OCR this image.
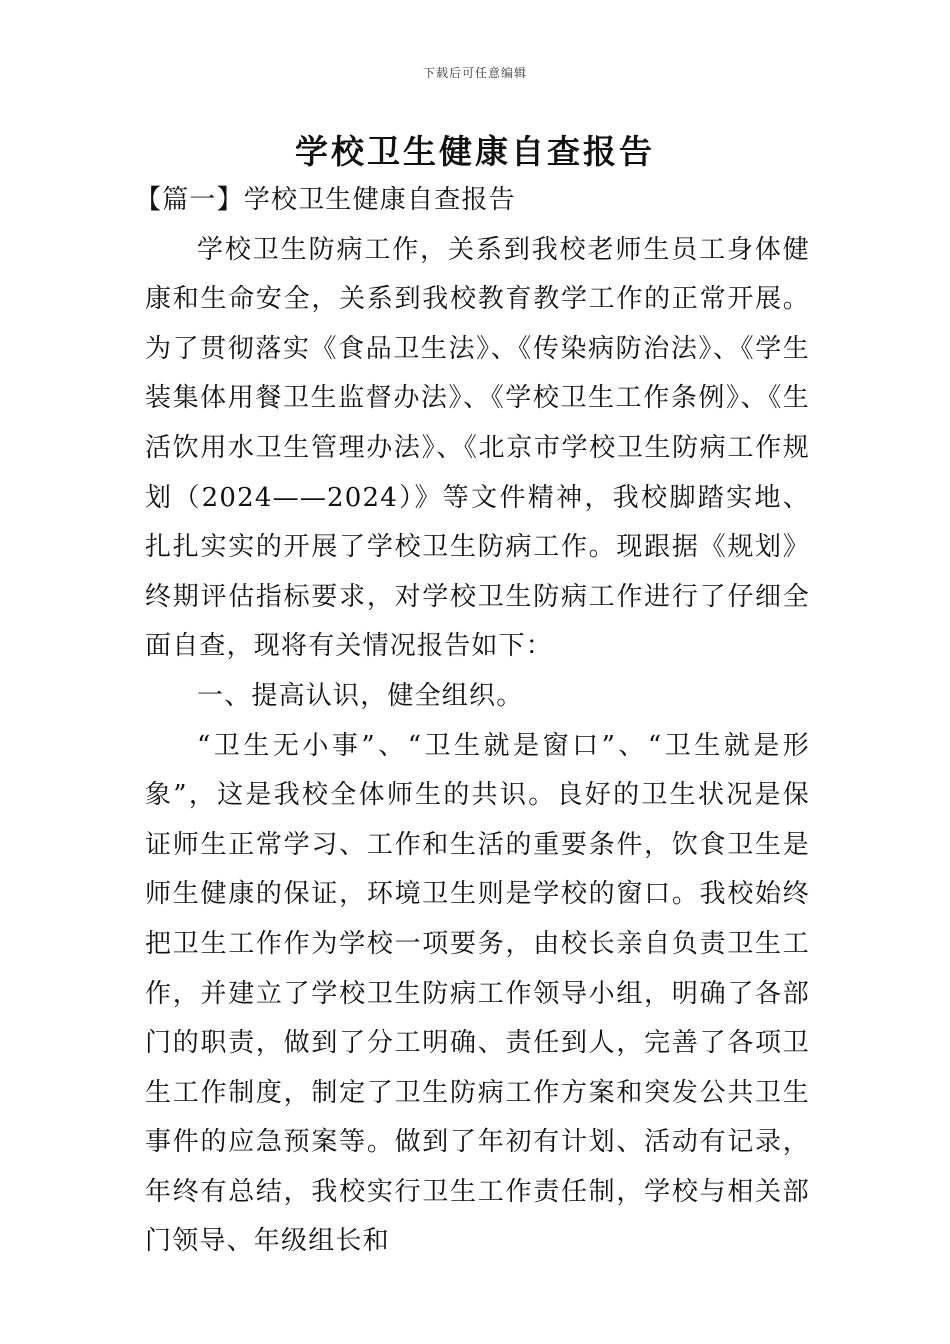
下载后可任意编辑
学校卫生健康自查报告

【篇一】学校卫生健康自查报告

学校卫生防病工作，关系到我校老师生员工身体健康和生命安全，关系到我校教育教学工作的正常开展。为了贯彻落实《食品卫生法》、《传染病防治法》、《学生装集体用餐卫生监督办法》、《学校卫生工作条例》、《生活饮用水卫生管理办法》、《北京市学校卫生防病工作规划（2024——2024）》等文件精神，我校脚踏实地、扎扎实实的开展了学校卫生防病工作。现跟据《规划》终期评估指标要求，对学校卫生防病工作进行了仔细全面自查，现将有关情况报告如下：

一、提高认识，健全组织。

“卫生无小事”、“卫生就是窗口”、“卫生就是形象”，这是我校全体师生的共识。良好的卫生状况是保证师生正常学习、工作和生活的重要条件，饮食卫生是师生健康的保证，环境卫生则是学校的窗口。我校始终把卫生工作作为学校一项要务，由校长亲自负责卫生工作，并建立了学校卫生防病工作领导小组，明确了各部门的职责，做到了分工明确、责任到人，完善了各项卫生工作制度，制定了卫生防病工作方案和突发公共卫生事件的应急预案等。做到了年初有计划、活动有记录，年终有总结，我校实行卫生工作责任制，学校与相关部门领导、年级组长和
